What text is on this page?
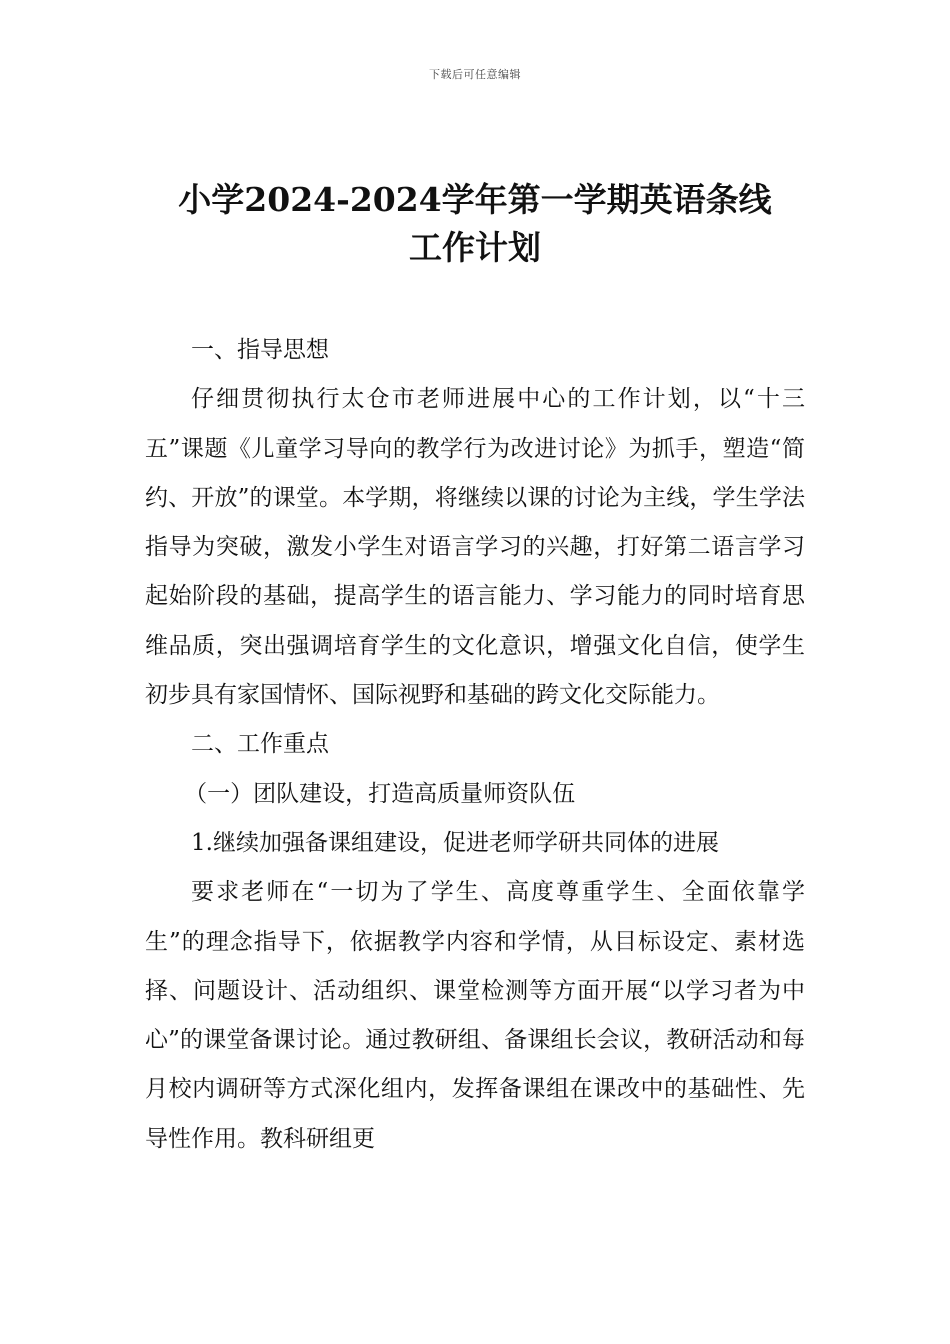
下载后可任意编辑
小学2024-2024学年第一学期英语条线
工作计划

一、指导思想

仔细贯彻执行太仓市老师进展中心的工作计划，以“十三五”课题《儿童学习导向的教学行为改进讨论》为抓手，塑造“简约、开放”的课堂。本学期，将继续以课的讨论为主线，学生学法指导为突破，激发小学生对语言学习的兴趣，打好第二语言学习起始阶段的基础，提高学生的语言能力、学习能力的同时培育思维品质，突出强调培育学生的文化意识，增强文化自信，使学生初步具有家国情怀、国际视野和基础的跨文化交际能力。

二、工作重点

（一）团队建设，打造高质量师资队伍

1.继续加强备课组建设，促进老师学研共同体的进展

要求老师在“一切为了学生、高度尊重学生、全面依靠学生”的理念指导下，依据教学内容和学情，从目标设定、素材选择、问题设计、活动组织、课堂检测等方面开展“以学习者为中心”的课堂备课讨论。通过教研组、备课组长会议，教研活动和每月校内调研等方式深化组内，发挥备课组在课改中的基础性、先导性作用。教科研组更
